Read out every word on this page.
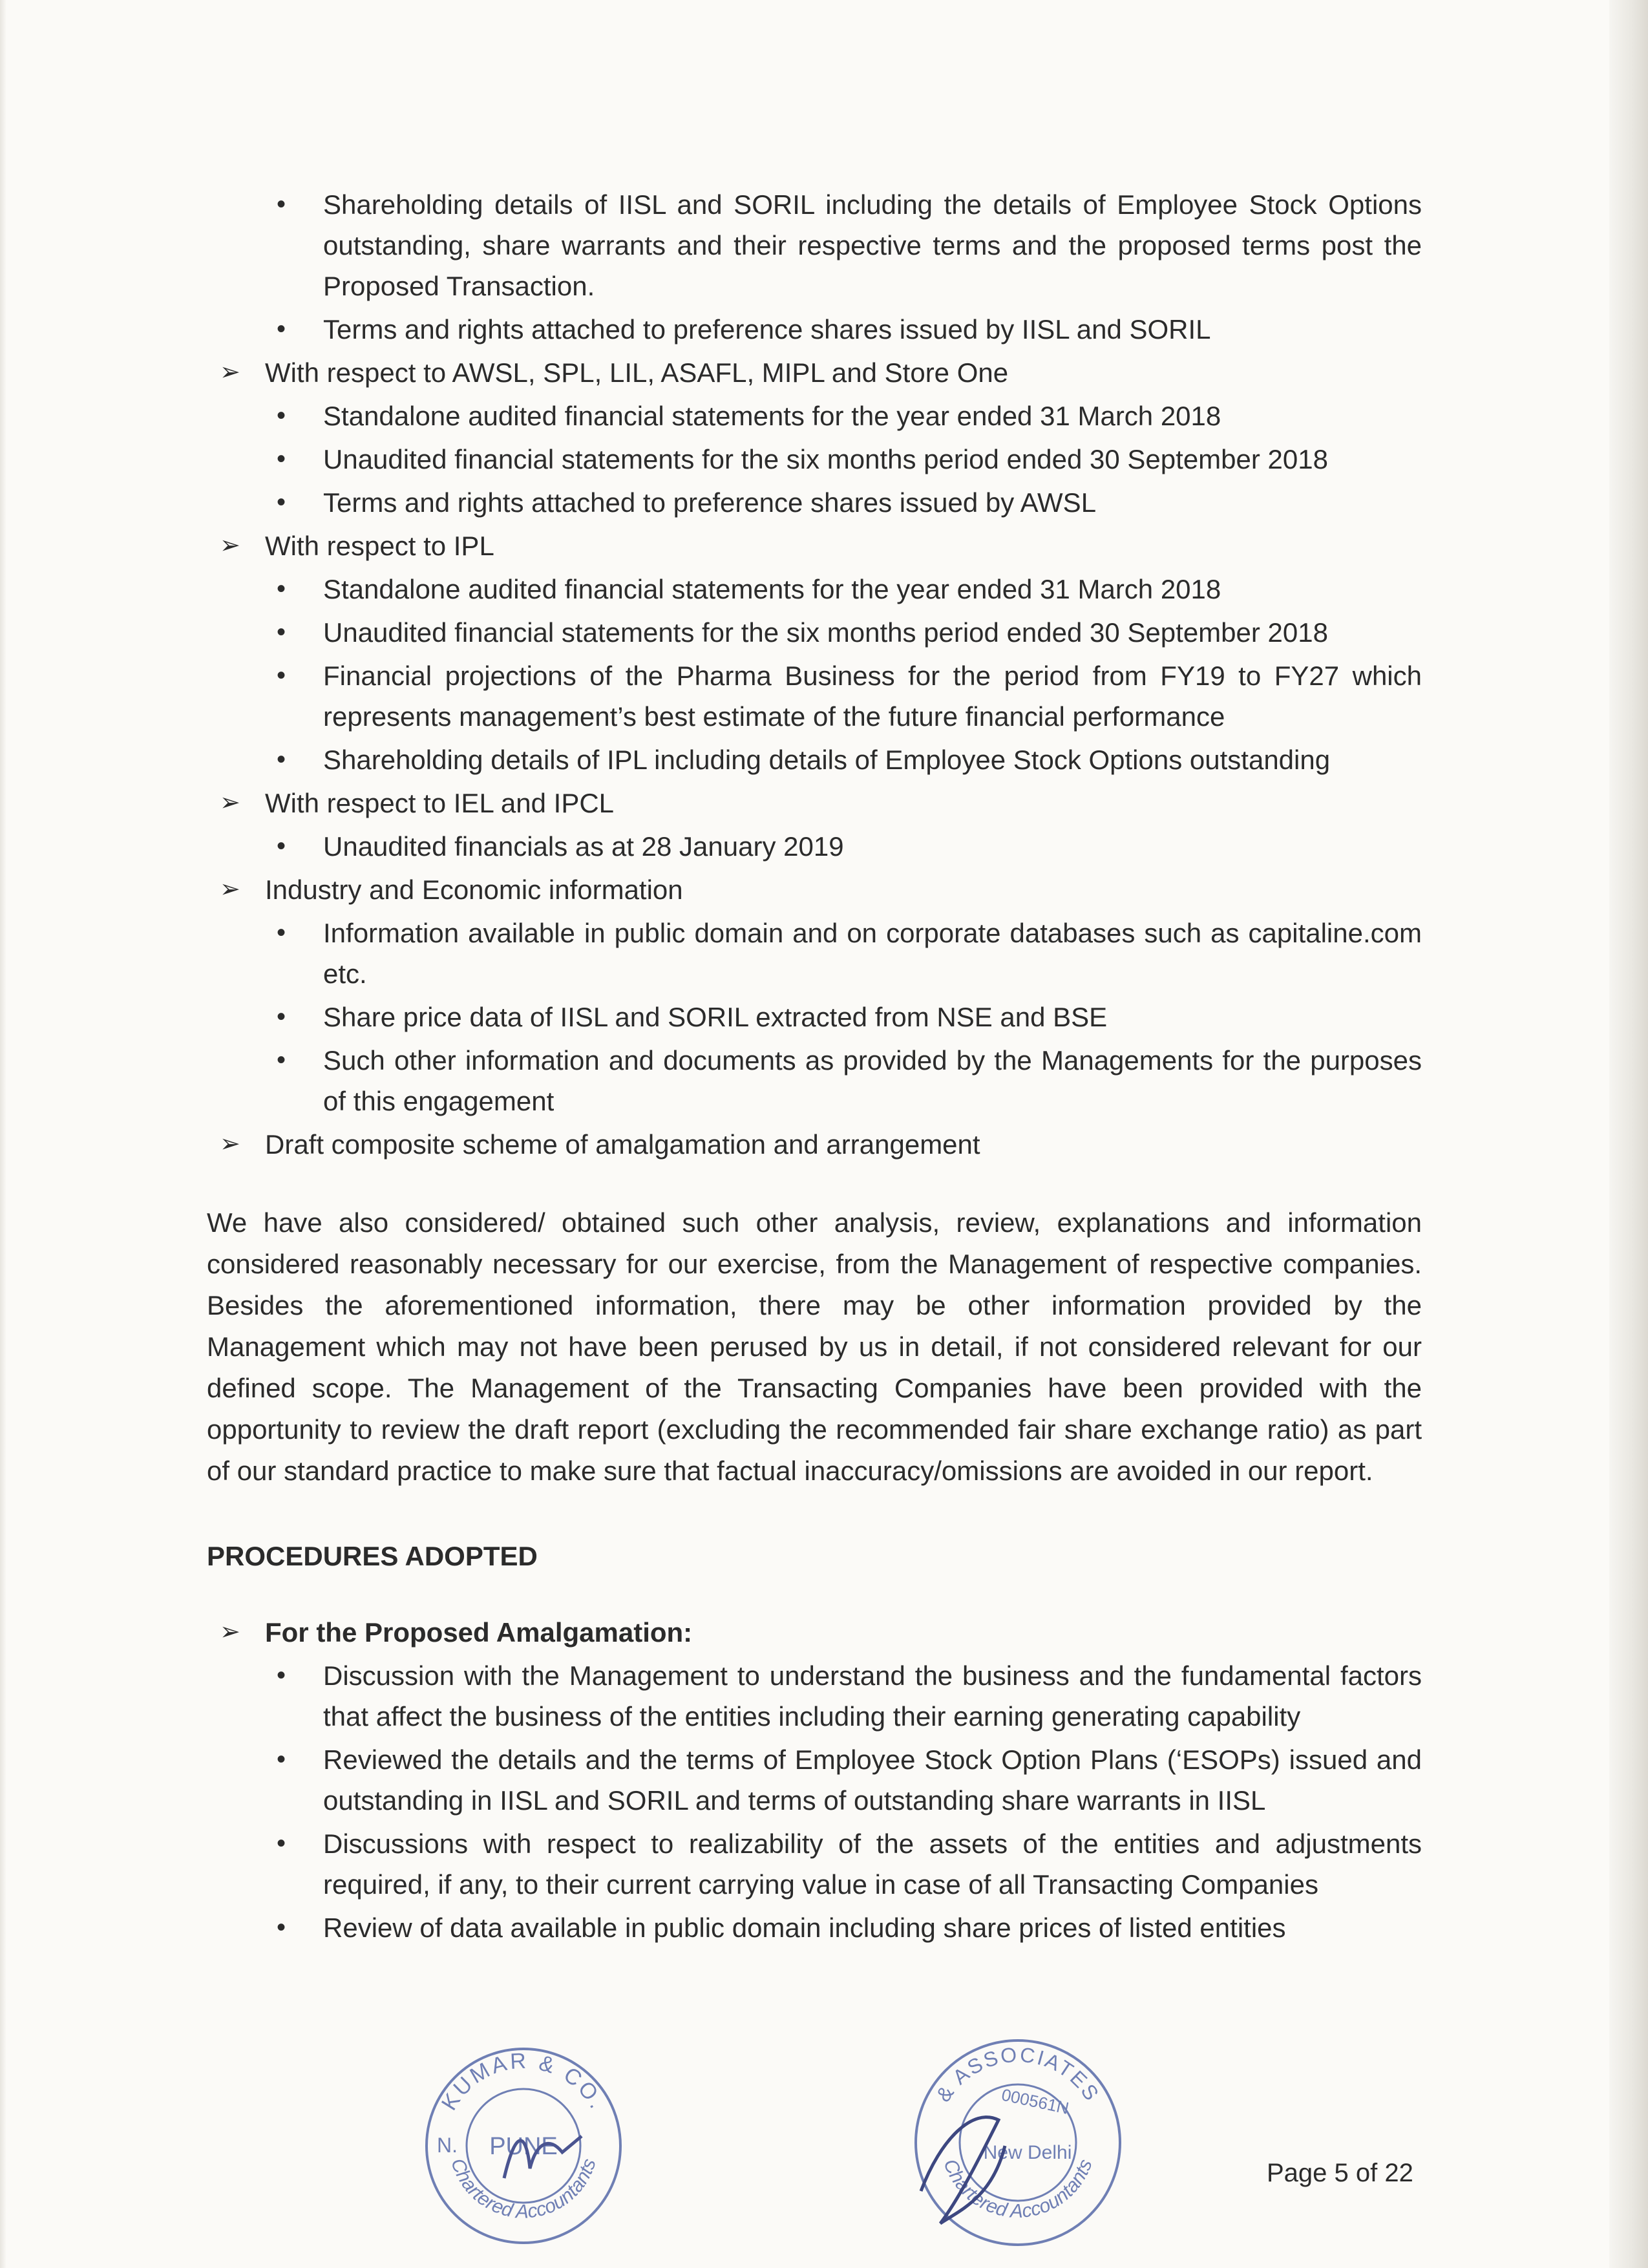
• Shareholding details of IISL and SORIL including the details of Employee Stock Options outstanding, share warrants and their respective terms and the proposed terms post the Proposed Transaction.
• Terms and rights attached to preference shares issued by IISL and SORIL
➢ With respect to AWSL, SPL, LIL, ASAFL, MIPL and Store One
• Standalone audited financial statements for the year ended 31 March 2018
• Unaudited financial statements for the six months period ended 30 September 2018
• Terms and rights attached to preference shares issued by AWSL
➢ With respect to IPL
• Standalone audited financial statements for the year ended 31 March 2018
• Unaudited financial statements for the six months period ended 30 September 2018
• Financial projections of the Pharma Business for the period from FY19 to FY27 which represents management’s best estimate of the future financial performance
• Shareholding details of IPL including details of Employee Stock Options outstanding
➢ With respect to IEL and IPCL
• Unaudited financials as at 28 January 2019
➢ Industry and Economic information
• Information available in public domain and on corporate databases such as capitaline.com etc.
• Share price data of IISL and SORIL extracted from NSE and BSE
• Such other information and documents as provided by the Managements for the purposes of this engagement
➢ Draft composite scheme of amalgamation and arrangement

We have also considered/ obtained such other analysis, review, explanations and information considered reasonably necessary for our exercise, from the Management of respective companies. Besides the aforementioned information, there may be other information provided by the Management which may not have been perused by us in detail, if not considered relevant for our defined scope. The Management of the Transacting Companies have been provided with the opportunity to review the draft report (excluding the recommended fair share exchange ratio) as part of our standard practice to make sure that factual inaccuracy/omissions are avoided in our report.

PROCEDURES ADOPTED
➢ For the Proposed Amalgamation:
• Discussion with the Management to understand the business and the fundamental factors that affect the business of the entities including their earning generating capability
• Reviewed the details and the terms of Employee Stock Option Plans (‘ESOPs) issued and outstanding in IISL and SORIL and terms of outstanding share warrants in IISL
• Discussions with respect to realizability of the assets of the entities and adjustments required, if any, to their current carrying value in case of all Transacting Companies
• Review of data available in public domain including share prices of listed entities
KUMAR & CO.
Chartered Accountants
N. PUNE
& ASSOCIATES
Chartered Accountants
000561N
New Delhi
Page 5 of 22
